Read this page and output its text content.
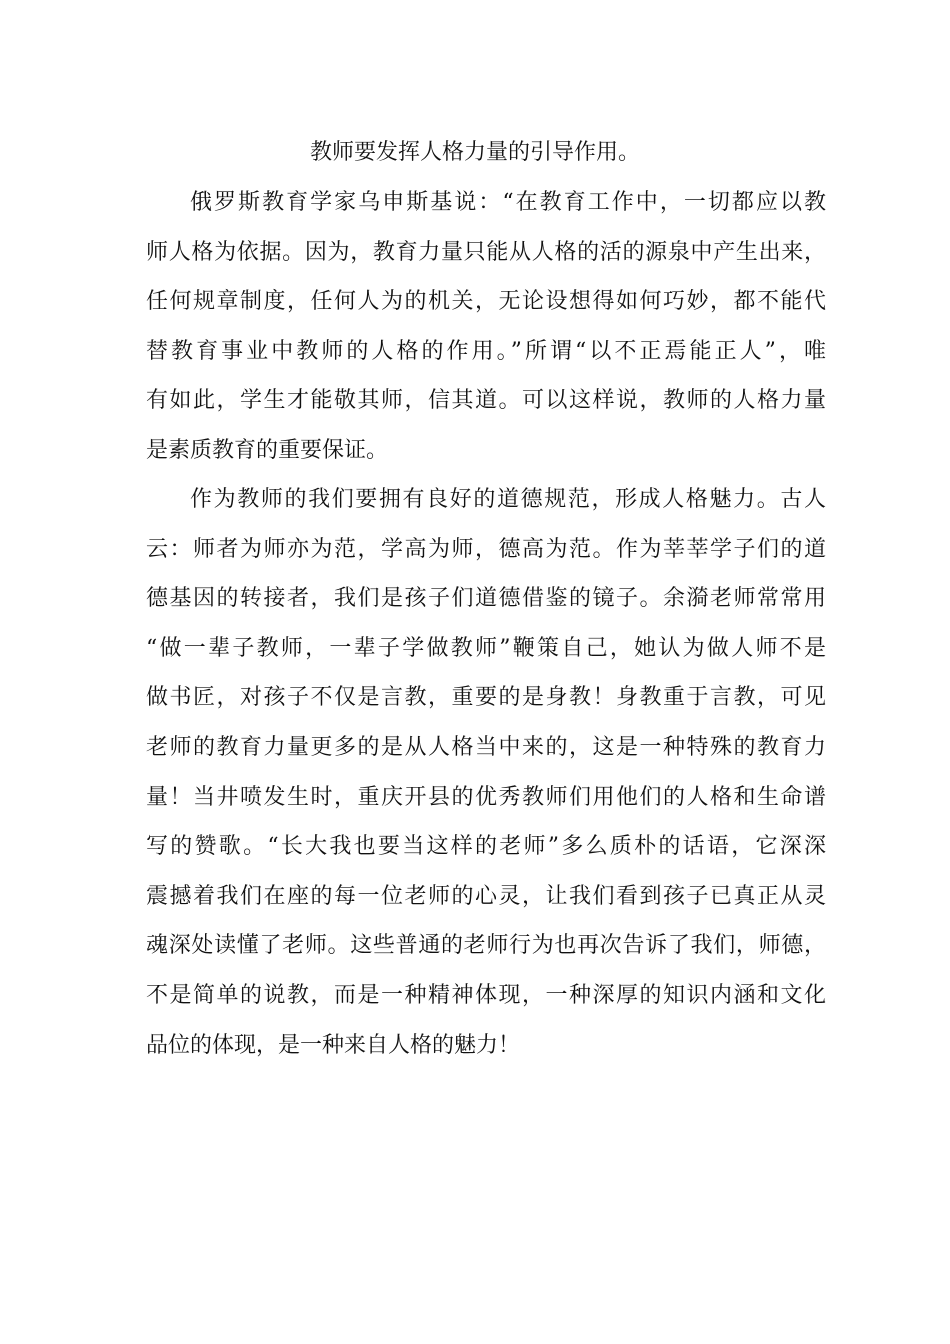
教师要发挥人格力量的引导作用。

俄罗斯教育学家乌申斯基说：“在教育工作中，一切都应以教
师人格为依据。因为，教育力量只能从人格的活的源泉中产生出来，
任何规章制度，任何人为的机关，无论设想得如何巧妙，都不能代
替教育事业中教师的人格的作用。”所谓“以不正焉能正人”，唯
有如此，学生才能敬其师，信其道。可以这样说，教师的人格力量
是素质教育的重要保证。

作为教师的我们要拥有良好的道德规范，形成人格魅力。古人
云：师者为师亦为范，学高为师，德高为范。作为莘莘学子们的道
德基因的转接者，我们是孩子们道德借鉴的镜子。余漪老师常常用
“做一辈子教师，一辈子学做教师”鞭策自己，她认为做人师不是
做书匠，对孩子不仅是言教，重要的是身教！身教重于言教，可见
老师的教育力量更多的是从人格当中来的，这是一种特殊的教育力
量！当井喷发生时，重庆开县的优秀教师们用他们的人格和生命谱
写的赞歌。“长大我也要当这样的老师”多么质朴的话语，它深深
震撼着我们在座的每一位老师的心灵，让我们看到孩子已真正从灵
魂深处读懂了老师。这些普通的老师行为也再次告诉了我们，师德，
不是简单的说教，而是一种精神体现，一种深厚的知识内涵和文化
品位的体现，是一种来自人格的魅力！
